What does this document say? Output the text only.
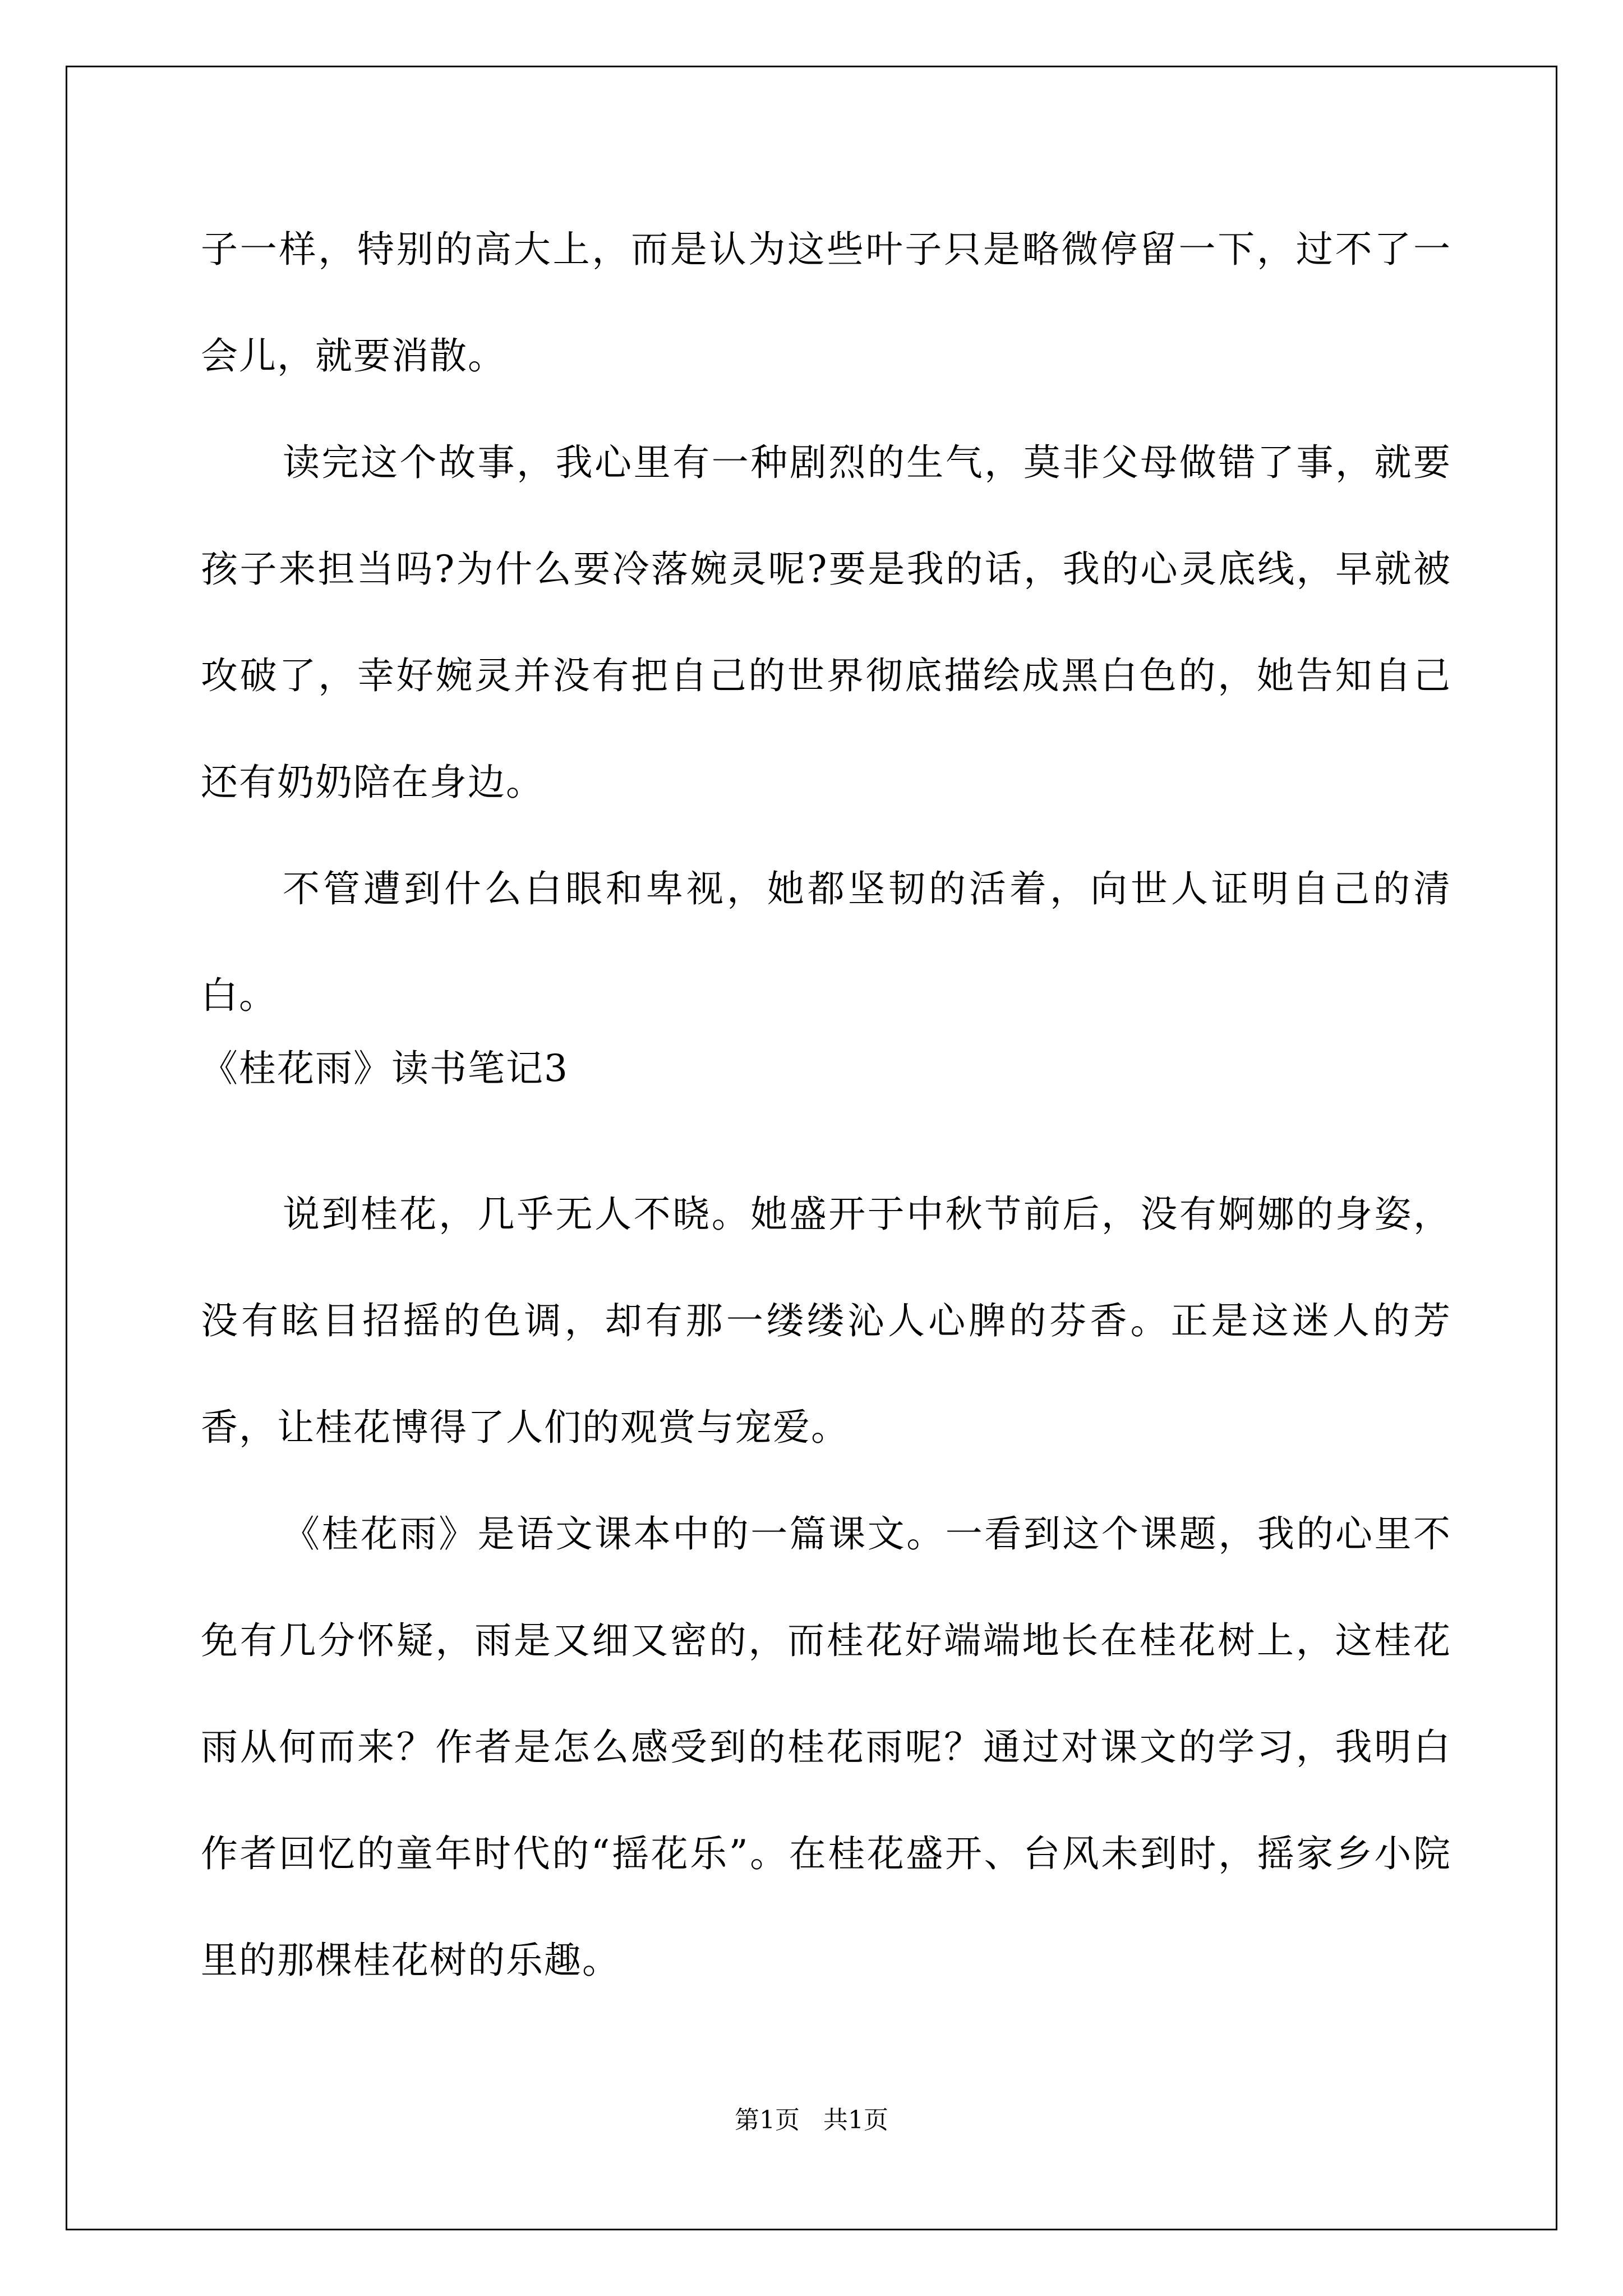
子一样，特别的高大上，而是认为这些叶子只是略微停留一下，过不了一会儿，就要消散。

读完这个故事，我心里有一种剧烈的生气，莫非父母做错了事，就要孩子来担当吗?为什么要冷落婉灵呢?要是我的话，我的心灵底线，早就被攻破了，幸好婉灵并没有把自己的世界彻底描绘成黑白色的，她告知自己还有奶奶陪在身边。

不管遭到什么白眼和卑视，她都坚韧的活着，向世人证明自己的清白。

《桂花雨》读书笔记3

说到桂花，几乎无人不晓。她盛开于中秋节前后，没有婀娜的身姿，没有眩目招摇的色调，却有那一缕缕沁人心脾的芬香。正是这迷人的芳香，让桂花博得了人们的观赏与宠爱。

《桂花雨》是语文课本中的一篇课文。一看到这个课题，我的心里不免有几分怀疑，雨是又细又密的，而桂花好端端地长在桂花树上，这桂花雨从何而来？作者是怎么感受到的桂花雨呢？通过对课文的学习，我明白作者回忆的童年时代的“摇花乐”。在桂花盛开、台风未到时，摇家乡小院里的那棵桂花树的乐趣。

第1页   共1页
